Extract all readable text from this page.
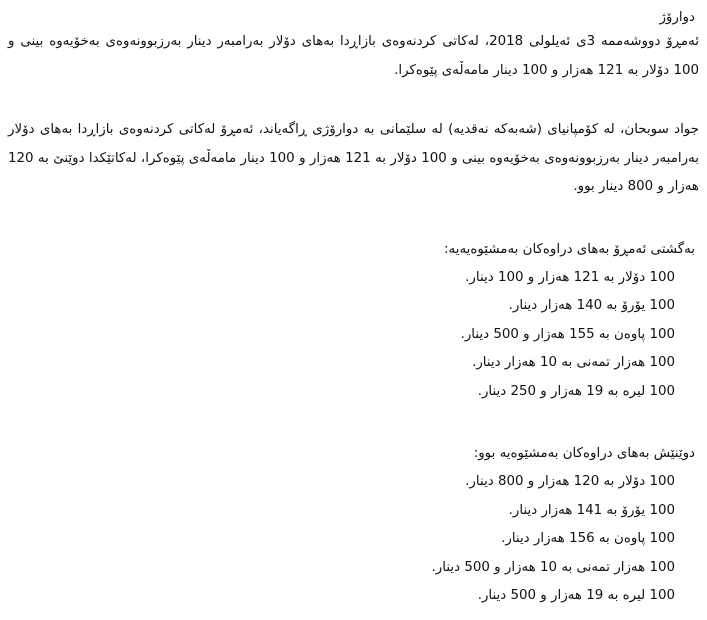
دوارۆژ

ئەمڕۆ دووشەممە 3ی ئەیلولی 2018، لەکاتی کردنەوەی بازاڕدا بەهای دۆلار بەرامبەر دینار بەرزبوونەوەی بەخۆیەوە بینی و 100 دۆلار بە 121 هەزار و 100 دینار مامەڵەی پێوەکرا.

جواد سوبحان، لە کۆمپانیای (شەبەکە نەقدیە) لە سلێمانی بە دوارۆژی ڕاگەیاند، ئەمڕۆ لەکاتی کردنەوەی بازاڕدا بەهای دۆلار بەرامبەر دینار بەرزبوونەوەی بەخۆیەوە بینی و 100 دۆلار بە 121 هەزار و 100 دینار مامەڵەی پێوەکرا، لەکاتێکدا دوێنێ بە 120 هەزار و 800 دینار بوو.

بەگشتی ئەمڕۆ بەهای دراوەکان بەمشێوەیەیە:
100 دۆلار بە 121 هەزار و 100 دینار.
100 یۆرۆ بە 140 هەزار دینار.
100 پاوەن بە 155 هەزار و 500 دینار.
100 هەزار تمەنی بە 10 هەزار دینار.
100 لیرە بە 19 هەزار و 250 دینار.
دوێنێش بەهای دراوەکان بەمشێوەیە بوو:
100 دۆلار بە 120 هەزار و 800 دینار.
100 یۆرۆ بە 141 هەزار دینار.
100 پاوەن بە 156 هەزار دینار.
100 هەزار تمەنی بە 10 هەزار و 500 دینار.
100 لیرە بە 19 هەزار و 500 دینار.
